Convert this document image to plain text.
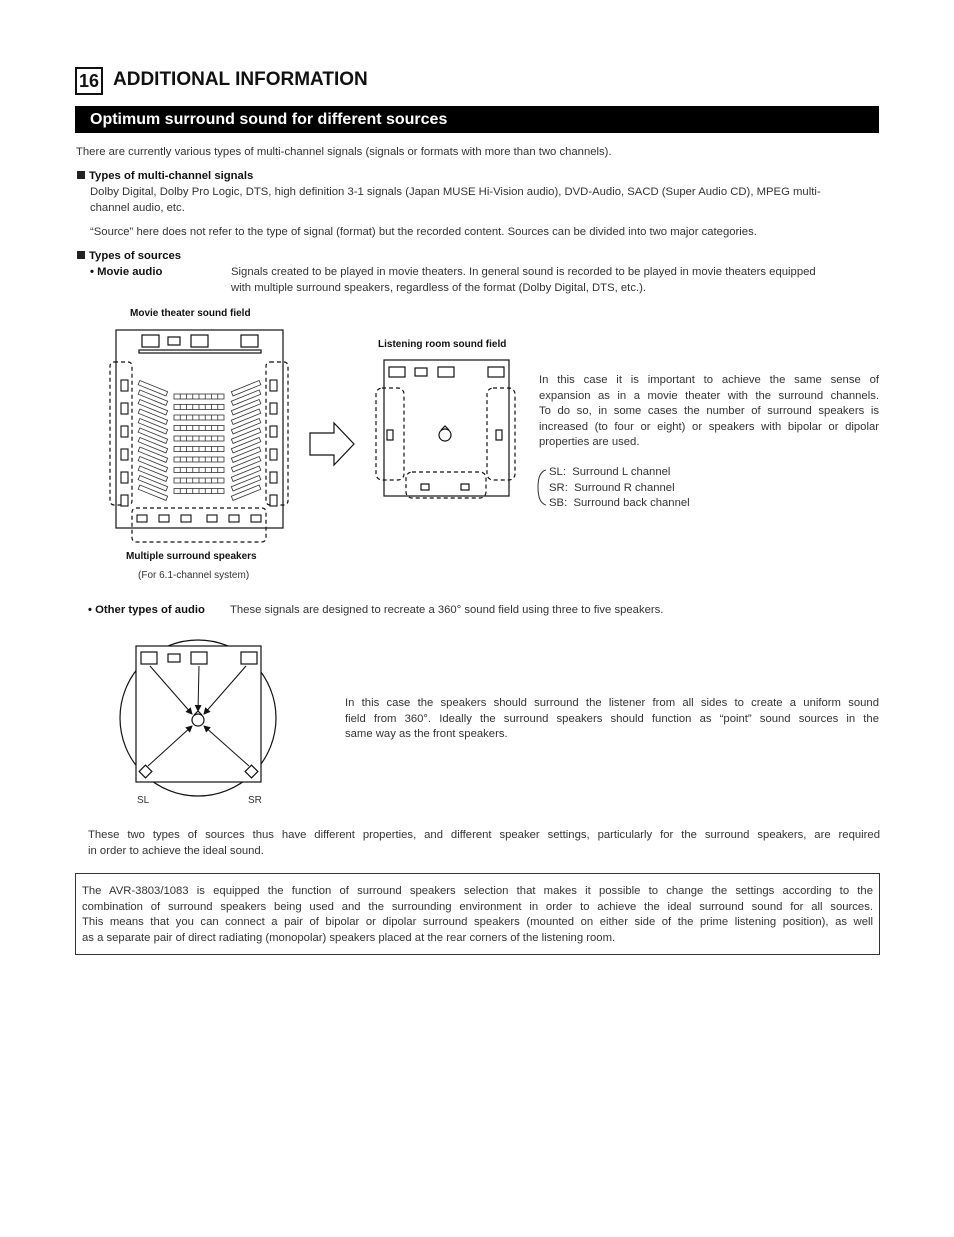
16 ADDITIONAL INFORMATION
Optimum surround sound for different sources
There are currently various types of multi-channel signals (signals or formats with more than two channels).
Types of multi-channel signals
Dolby Digital, Dolby Pro Logic, DTS, high definition 3-1 signals (Japan MUSE Hi-Vision audio), DVD-Audio, SACD (Super Audio CD), MPEG multi-
channel audio, etc.
“Source” here does not refer to the type of signal (format) but the recorded content. Sources can be divided into two major categories.
Types of sources
• Movie audio	Signals created to be played in movie theaters. In general sound is recorded to be played in movie theaters equipped
with multiple surround speakers, regardless of the format (Dolby Digital, DTS, etc.).
Movie theater sound field
Listening room sound field
Multiple surround speakers
(For 6.1-channel system)
In this case it is important to achieve the same sense of
expansion as in a movie theater with the surround channels.
To do so, in some cases the number of surround speakers is
increased (to four or eight) or speakers with bipolar or dipolar
properties are used.
SL:  Surround L channel
SR:  Surround R channel
SB:  Surround back channel
• Other types of audio These signals are designed to recreate a 360° sound field using three to five speakers.
SL	SR
In this case the speakers should surround the listener from all sides to create a uniform sound
field from 360°. Ideally the surround speakers should function as “point” sound sources in the
same way as the front speakers.
These two types of sources thus have different properties, and different speaker settings, particularly for the surround speakers, are required
in order to achieve the ideal sound.
The AVR-3803/1083 is equipped the function of surround speakers selection that makes it possible to change the settings according to the
combination of surround speakers being used and the surrounding environment in order to achieve the ideal surround sound for all sources.
This means that you can connect a pair of bipolar or dipolar surround speakers (mounted on either side of the prime listening position), as well
as a separate pair of direct radiating (monopolar) speakers placed at the rear corners of the listening room.
